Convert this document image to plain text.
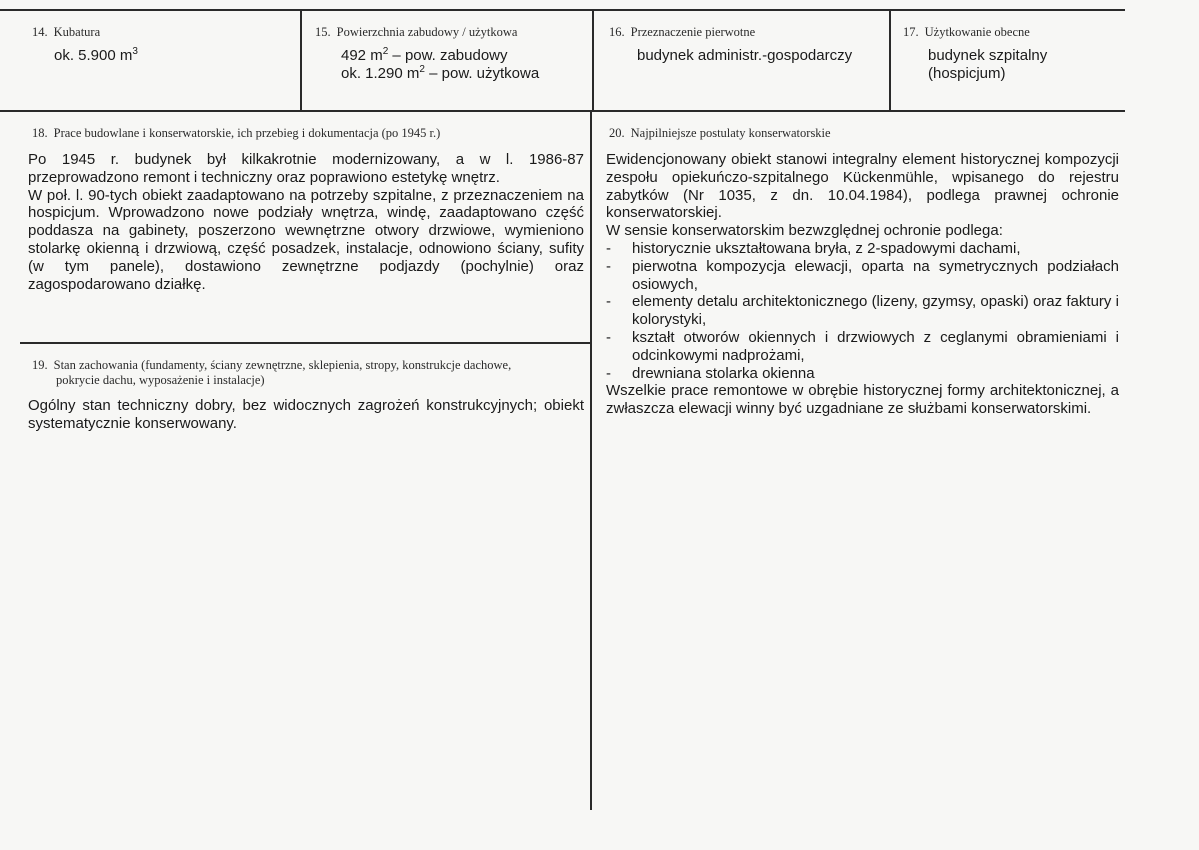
14. Kubatura
ok. 5.900 $m^3$
15. Powierzchnia zabudowy / użytkowa
492 $m^2$ – pow. zabudowy
ok. 1.290 $m^2$ – pow. użytkowa
16. Przeznaczenie pierwotne
budynek administr.-gospodarczy
17. Użytkowanie obecne
budynek szpitalny
(hospicjum)
18. Prace budowlane i konserwatorskie, ich przebieg i dokumentacja (po 1945 r.)

Po 1945 r. budynek był kilkakrotnie modernizowany, a w l. 1986-87 przeprowadzono remont i techniczny oraz poprawiono estetykę wnętrz.

W poł. l. 90-tych obiekt zaadaptowano na potrzeby szpitalne, z przeznaczeniem na hospicjum. Wprowadzono nowe podziały wnętrza, windę, zaadaptowano część poddasza na gabinety, poszerzono wewnętrzne otwory drzwiowe, wymieniono stolarkę okienną i drzwiową, część posadzek, instalacje, odnowiono ściany, sufity (w tym panele), dostawiono zewnętrzne podjazdy (pochylnie) oraz zagospodarowano działkę.

19. Stan zachowania (fundamenty, ściany zewnętrzne, sklepienia, stropy, konstrukcje dachowe,
pokrycie dachu, wyposażenie i instalacje)

Ogólny stan techniczny dobry, bez widocznych zagrożeń konstrukcyjnych; obiekt systematycznie konserwowany.

20. Najpilniejsze postulaty konserwatorskie

Ewidencjonowany obiekt stanowi integralny element historycznej kompozycji zespołu opiekuńczo-szpitalnego Kückenmühle, wpisanego do rejestru zabytków (Nr 1035, z dn. 10.04.1984), podlega prawnej ochronie konserwatorskiej.

W sensie konserwatorskim bezwzględnej ochronie podlega:

-	historycznie ukształtowana bryła, z 2-spadowymi dachami,
-	pierwotna kompozycja elewacji, oparta na symetrycznych podziałach osiowych,
-	elementy detalu architektonicznego (lizeny, gzymsy, opaski) oraz faktury i kolorystyki,
-	kształt otworów okiennych i drzwiowych z ceglanymi obramieniami i odcinkowymi nadprożami,
-	drewniana stolarka okienna

Wszelkie prace remontowe w obrębie historycznej formy architektonicznej, a zwłaszcza elewacji winny być uzgadniane ze służbami konserwatorskimi.
